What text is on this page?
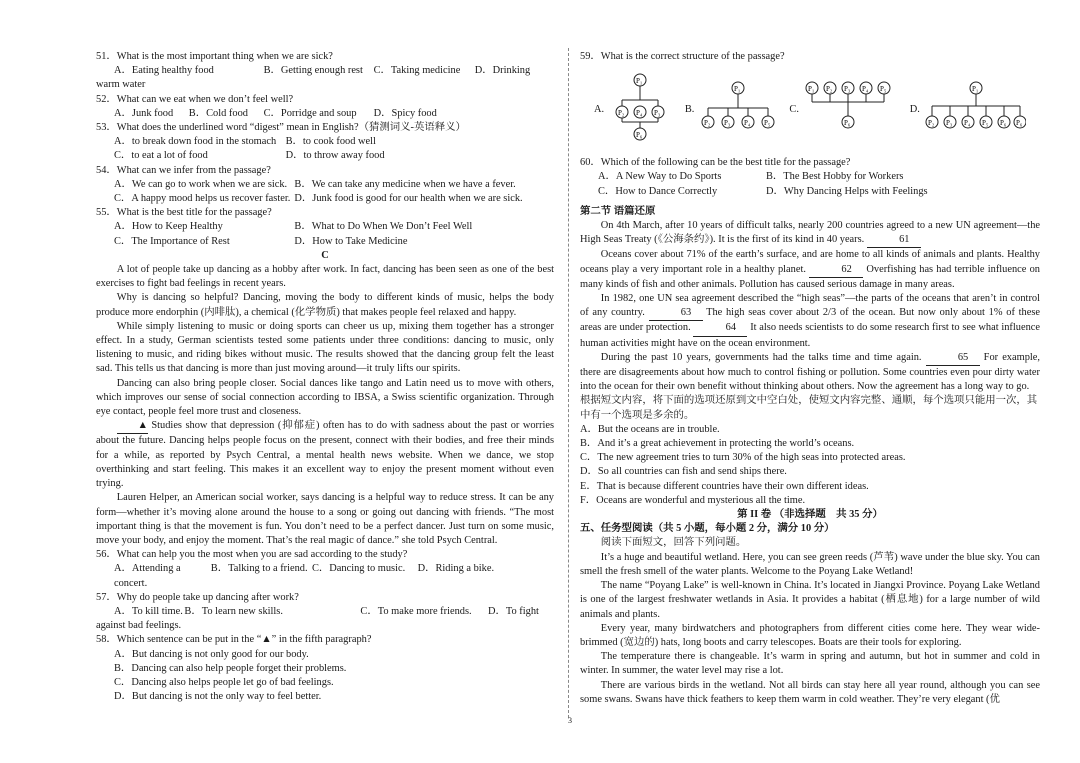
51．What is the most important thing when we are sick?

A．Eating healthy food	B．Getting enough rest	C．Taking medicine	D．Drinking

warm water

52．What can we eat when we don’t feel well?

A．Junk food	B．Cold food	C．Porridge and soup	D．Spicy food

53．What does the underlined word “digest” mean in English?（猜测词义-英语释义）

A．to break down food in the stomach B．to cook food well
C．to eat a lot of food	D．to throw away food

54．What can we infer from the passage?

A．We can go to work when we are sick. B．We can take any medicine when we have a fever.
C．A happy mood helps us recover faster. D．Junk food is good for our health when we are sick.

55．What is the best title for the passage?

A．How to Keep Healthy	B．What to Do When We Don’t Feel Well
C．The Importance of Rest	D．How to Take Medicine

C

A lot of people take up dancing as a hobby after work. In fact, dancing has been seen as one of the best exercises to fight bad feelings in recent years.

Why is dancing so helpful? Dancing, moving the body to different kinds of music, helps the body produce more endorphin (内啡肽), a chemical (化学物质) that makes people feel relaxed and happy.

While simply listening to music or doing sports can cheer us up, mixing them together has a stronger effect. In a study, German scientists tested some patients under three conditions: dancing to music, only listening to music, and riding bikes without music. The results showed that the dancing group felt the least sad. This tells us that dancing is more than just moving around—it truly lifts our spirits.

Dancing can also bring people closer. Social dances like tango and Latin need us to move with others, which improves our sense of social connection according to IBSA, a Swiss scientific organization. Through eye contact, people feel more trust and closeness.

▲ Studies show that depression (抑郁症) often has to do with sadness about the past or worries about the future. Dancing helps people focus on the present, connect with their bodies, and free their minds for a while, as reported by Psych Central, a mental health news website. When we dance, we stop overthinking and start feeling. This makes it an excellent way to enjoy the present moment without even trying.

Lauren Helper, an American social worker, says dancing is a helpful way to reduce stress. It can be any form—whether it’s moving alone around the house to a song or going out dancing with friends. “The most important thing is that the movement is fun. You don’t need to be a perfect dancer. Just turn on some music, move your body, and enjoy the moment. That’s the real magic of dance.” she told Psych Central.

56．What can help you the most when you are sad according to the study?

A．Attending a concert.
B．Talking to a friend. C．Dancing to music.	D．Riding a bike.

57．Why do people take up dancing after work?

A．To kill time. B．To learn new skills.	C．To make more friends.	D．To fight

against bad feelings.

58．Which sentence can be put in the “▲” in the fifth paragraph?

A．But dancing is not only good for our body.

B．Dancing can also help people forget their problems.

C．Dancing also helps people let go of bad feelings.

D．But dancing is not the only way to feel better.

59．What is the correct structure of the passage?

A.
P₁
P₂	P₃
P₄
P₆
B.
P₁
P₂ P₃ P₄ P₅
C.
P₁ P₂ P₃ P₄ P₅
P₆
D.
P₁
P₂ P₃ P₄ P₅ P₆ P₆

60．Which of the following can be the best title for the passage?

A．A New Way to Do Sports	B．The Best Hobby for Workers
C．How to Dance Correctly	D．Why Dancing Helps with Feelings

第二节 语篇还原

On 4th March, after 10 years of difficult talks, nearly 200 countries agreed to a new UN agreement—the High Seas Treaty (《公海条约》). It is the first of its kind in 40 years.	61

Oceans cover about 71% of the earth’s surface, and are home to all kinds of animals and plants. Healthy oceans play a very important role in a healthy planet.	62 Overfishing has had terrible influence on many kinds of fish and other animals. Pollution has caused serious damage in many areas.

In 1982, one UN sea agreement described the “high seas”—the parts of the oceans that aren’t in control of any country.	63 The high seas cover about 2/3 of the ocean. But now only about 1% of these areas are under protection.	64 It also needs scientists to do some research first to see what influence human activities might have on the ocean environment.

During the past 10 years, governments had the talks time and time again.	65 For example, there are disagreements about how much to control fishing or pollution. Some countries even pour dirty water into the ocean for their own benefit without thinking about others. Now the agreement has a long way to go.

根据短文内容，将下面的选项还原到文中空白处，使短文内容完整、通顺，每个选项只能用一次，其中有一个选项是多余的。

A．But the oceans are in trouble.

B．And it’s a great achievement in protecting the world’s oceans.

C．The new agreement tries to turn 30% of the high seas into protected areas.

D．So all countries can fish and send ships there.

E．That is because different countries have their own different ideas.

F．Oceans are wonderful and mysterious all the time.

第 II 卷 （非选择题　共 35 分）

五、任务型阅读（共 5 小题，每小题 2 分，满分 10 分）

阅读下面短文，回答下列问题。

It’s a huge and beautiful wetland. Here, you can see green reeds (芦苇) wave under the blue sky. You can smell the fresh smell of the water plants. Welcome to the Poyang Lake Wetland!

The name “Poyang Lake” is well-known in China. It’s located in Jiangxi Province. Poyang Lake Wetland is one of the largest freshwater wetlands in Asia. It provides a habitat (栖息地) for a large number of wild animals and plants.

Every year, many birdwatchers and photographers from different cities come here. They wear wide-brimmed (宽边的) hats, long boots and carry telescopes. Boats are their tools for exploring.

The temperature there is changeable. It’s warm in spring and autumn, but hot in summer and cold in winter. In summer, the water level may rise a lot.

There are various birds in the wetland. Not all birds can stay here all year round, although you can see some swans. Swans have thick feathers to keep them warm in cold weather. They’re very elegant (优

3
